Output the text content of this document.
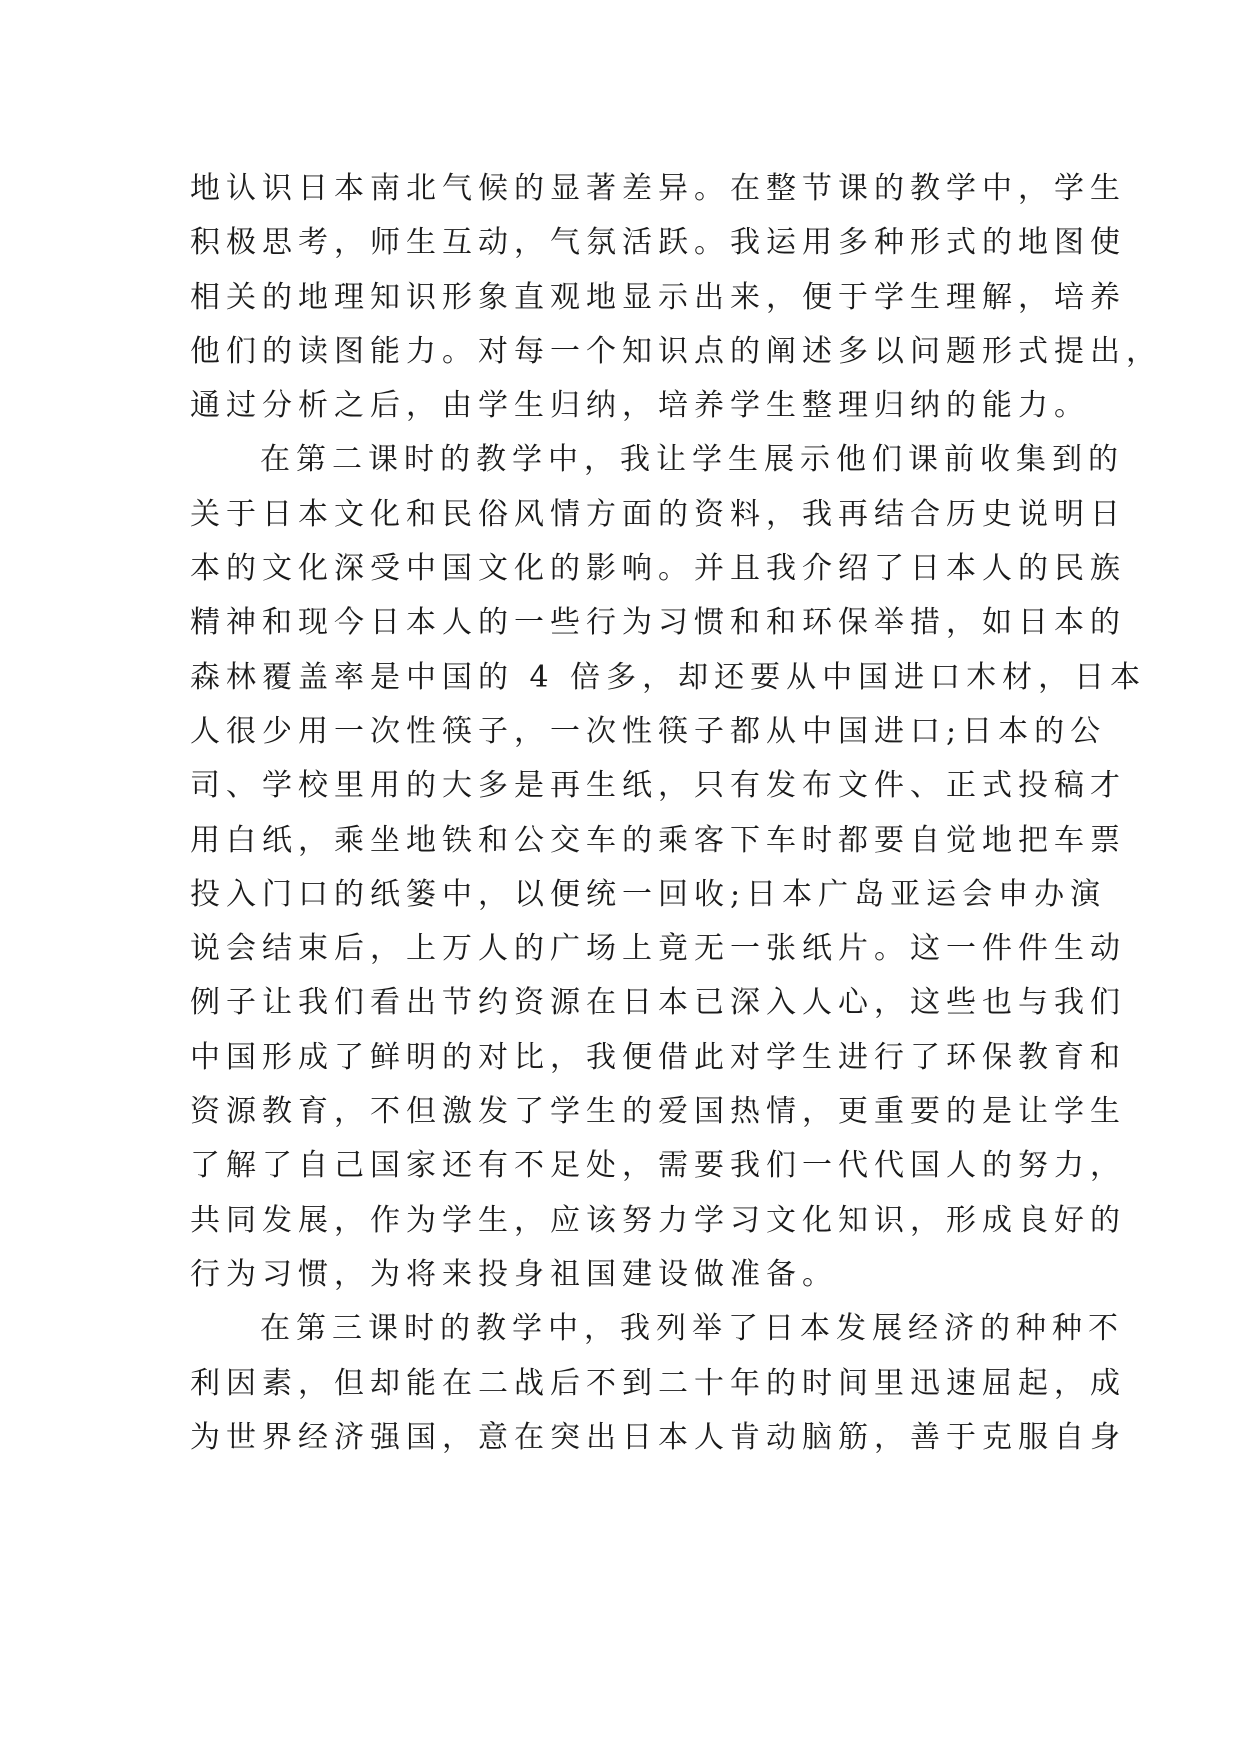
地认识日本南北气候的显著差异。在整节课的教学中，学生
积极思考，师生互动，气氛活跃。我运用多种形式的地图使
相关的地理知识形象直观地显示出来，便于学生理解，培养
他们的读图能力。对每一个知识点的阐述多以问题形式提出，
通过分析之后，由学生归纳，培养学生整理归纳的能力。
在第二课时的教学中，我让学生展示他们课前收集到的
关于日本文化和民俗风情方面的资料，我再结合历史说明日
本的文化深受中国文化的影响。并且我介绍了日本人的民族
精神和现今日本人的一些行为习惯和和环保举措，如日本的
森林覆盖率是中国的 4 倍多，却还要从中国进口木材，日本
人很少用一次性筷子，一次性筷子都从中国进口;日本的公
司、学校里用的大多是再生纸，只有发布文件、正式投稿才
用白纸，乘坐地铁和公交车的乘客下车时都要自觉地把车票
投入门口的纸篓中，以便统一回收;日本广岛亚运会申办演
说会结束后，上万人的广场上竟无一张纸片。这一件件生动
例子让我们看出节约资源在日本已深入人心，这些也与我们
中国形成了鲜明的对比，我便借此对学生进行了环保教育和
资源教育，不但激发了学生的爱国热情，更重要的是让学生
了解了自己国家还有不足处，需要我们一代代国人的努力，
共同发展，作为学生，应该努力学习文化知识，形成良好的
行为习惯，为将来投身祖国建设做准备。
在第三课时的教学中，我列举了日本发展经济的种种不
利因素，但却能在二战后不到二十年的时间里迅速屈起，成
为世界经济强国，意在突出日本人肯动脑筋，善于克服自身
